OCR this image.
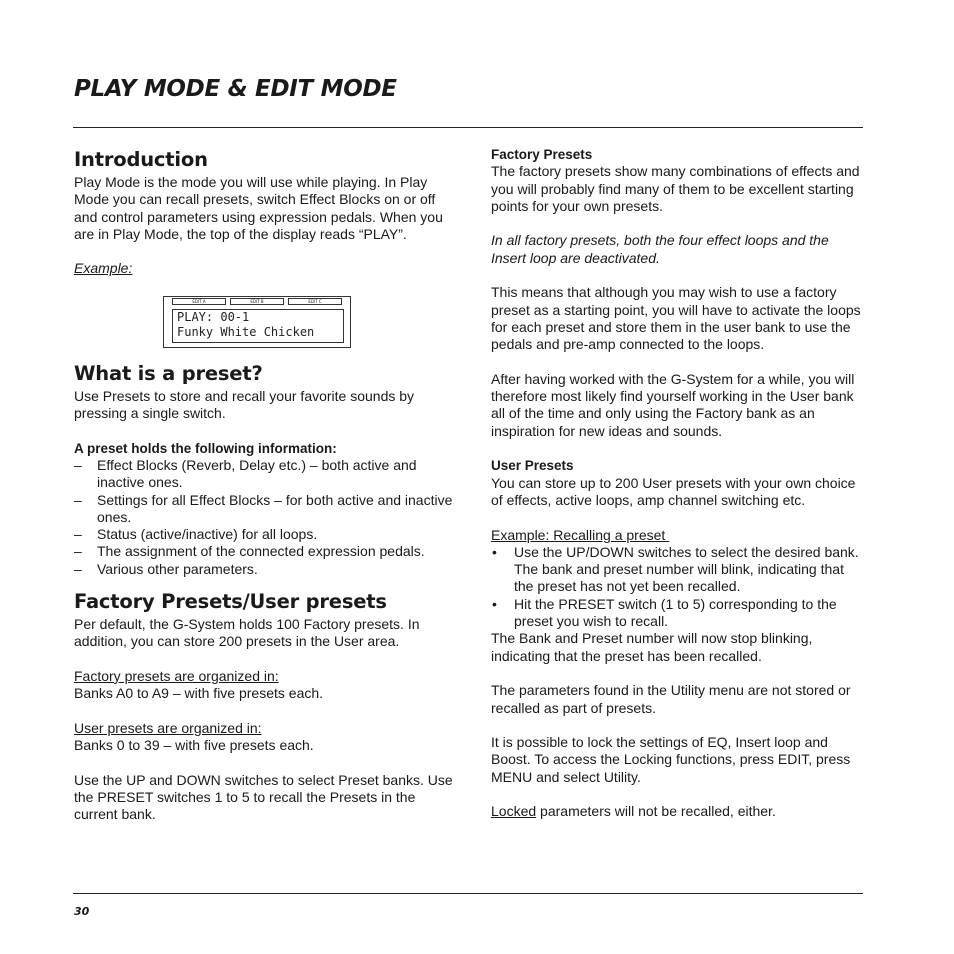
PLAY MODE & EDIT MODE
Introduction

Play Mode is the mode you will use while playing. In Play Mode you can recall presets, switch Effect Blocks on or off and control parameters using expression pedals. When you are in Play Mode, the top of the display reads “PLAY”.

Example:

EDIT A	EDIT B	EDIT C
PLAY: 00-1
Funky White Chicken
What is a preset?

Use Presets to store and recall your favorite sounds by pressing a single switch.

A preset holds the following information:
– Effect Blocks (Reverb, Delay etc.) – both active and inactive ones.
– Settings for all Effect Blocks – for both active and inactive ones.
– Status (active/inactive) for all loops.
– The assignment of the connected expression pedals.
– Various other parameters.
Factory Presets/User presets

Per default, the G-System holds 100 Factory presets. In addition, you can store 200 presets in the User area.

Factory presets are organized in:

Banks A0 to A9 – with five presets each.

User presets are organized in:

Banks 0 to 39 – with five presets each.

Use the UP and DOWN switches to select Preset banks. Use the PRESET switches 1 to 5 to recall the Presets in the current bank.

Factory Presets

The factory presets show many combinations of effects and you will probably find many of them to be excellent starting points for your own presets.

In all factory presets, both the four effect loops and the Insert loop are deactivated.

This means that although you may wish to use a factory preset as a starting point, you will have to activate the loops for each preset and store them in the user bank to use the pedals and pre-amp connected to the loops.

After having worked with the G-System for a while, you will therefore most likely find yourself working in the User bank all of the time and only using the Factory bank as an inspiration for new ideas and sounds.

User Presets

You can store up to 200 User presets with your own choice of effects, active loops, amp channel switching etc.

Example: Recalling a preset

• Use the UP/DOWN switches to select the desired bank. The bank and preset number will blink, indicating that the preset has not yet been recalled.
• Hit the PRESET switch (1 to 5) corresponding to the preset you wish to recall.

The Bank and Preset number will now stop blinking, indicating that the preset has been recalled.

The parameters found in the Utility menu are not stored or recalled as part of presets.

It is possible to lock the settings of EQ, Insert loop and Boost. To access the Locking functions, press EDIT, press MENU and select Utility.

Locked parameters will not be recalled, either.

30
